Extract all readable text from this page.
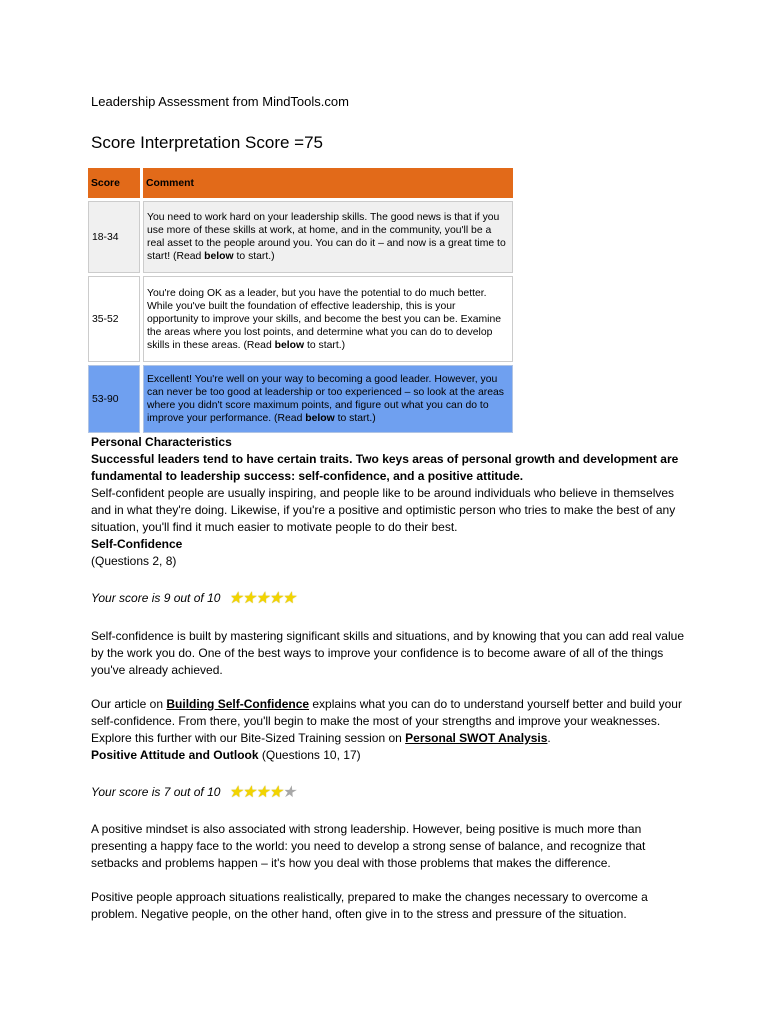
Leadership Assessment from MindTools.com
Score Interpretation Score =75
Score	Comment
18-34	You need to work hard on your leadership skills. The good news is that if you use more of these skills at work, at home, and in the community, you'll be a real asset to the people around you. You can do it – and now is a great time to start! (Read below to start.)
35-52	You're doing OK as a leader, but you have the potential to do much better. While you've built the foundation of effective leadership, this is your opportunity to improve your skills, and become the best you can be. Examine the areas where you lost points, and determine what you can do to develop skills in these areas. (Read below to start.)
53-90	Excellent! You're well on your way to becoming a good leader. However, you can never be too good at leadership or too experienced – so look at the areas where you didn't score maximum points, and figure out what you can do to improve your performance. (Read below to start.)
Personal Characteristics
Successful leaders tend to have certain traits. Two keys areas of personal growth and development are fundamental to leadership success: self-confidence, and a positive attitude.
Self-confident people are usually inspiring, and people like to be around individuals who believe in themselves and in what they're doing. Likewise, if you're a positive and optimistic person who tries to make the best of any situation, you'll find it much easier to motivate people to do their best.
Self-Confidence
(Questions 2, 8)
Your score is 9 out of 10 ★ ★ ★ ★ ★
Self-confidence is built by mastering significant skills and situations, and by knowing that you can add real value by the work you do. One of the best ways to improve your confidence is to become aware of all of the things you've already achieved.
Our article on Building Self-Confidence explains what you can do to understand yourself better and build your self-confidence. From there, you'll begin to make the most of your strengths and improve your weaknesses. Explore this further with our Bite-Sized Training session on Personal SWOT Analysis.
Positive Attitude and Outlook (Questions 10, 17)
Your score is 7 out of 10 ★ ★ ★ ★ ★
A positive mindset is also associated with strong leadership. However, being positive is much more than presenting a happy face to the world: you need to develop a strong sense of balance, and recognize that setbacks and problems happen – it's how you deal with those problems that makes the difference.
Positive people approach situations realistically, prepared to make the changes necessary to overcome a problem. Negative people, on the other hand, often give in to the stress and pressure of the situation.
